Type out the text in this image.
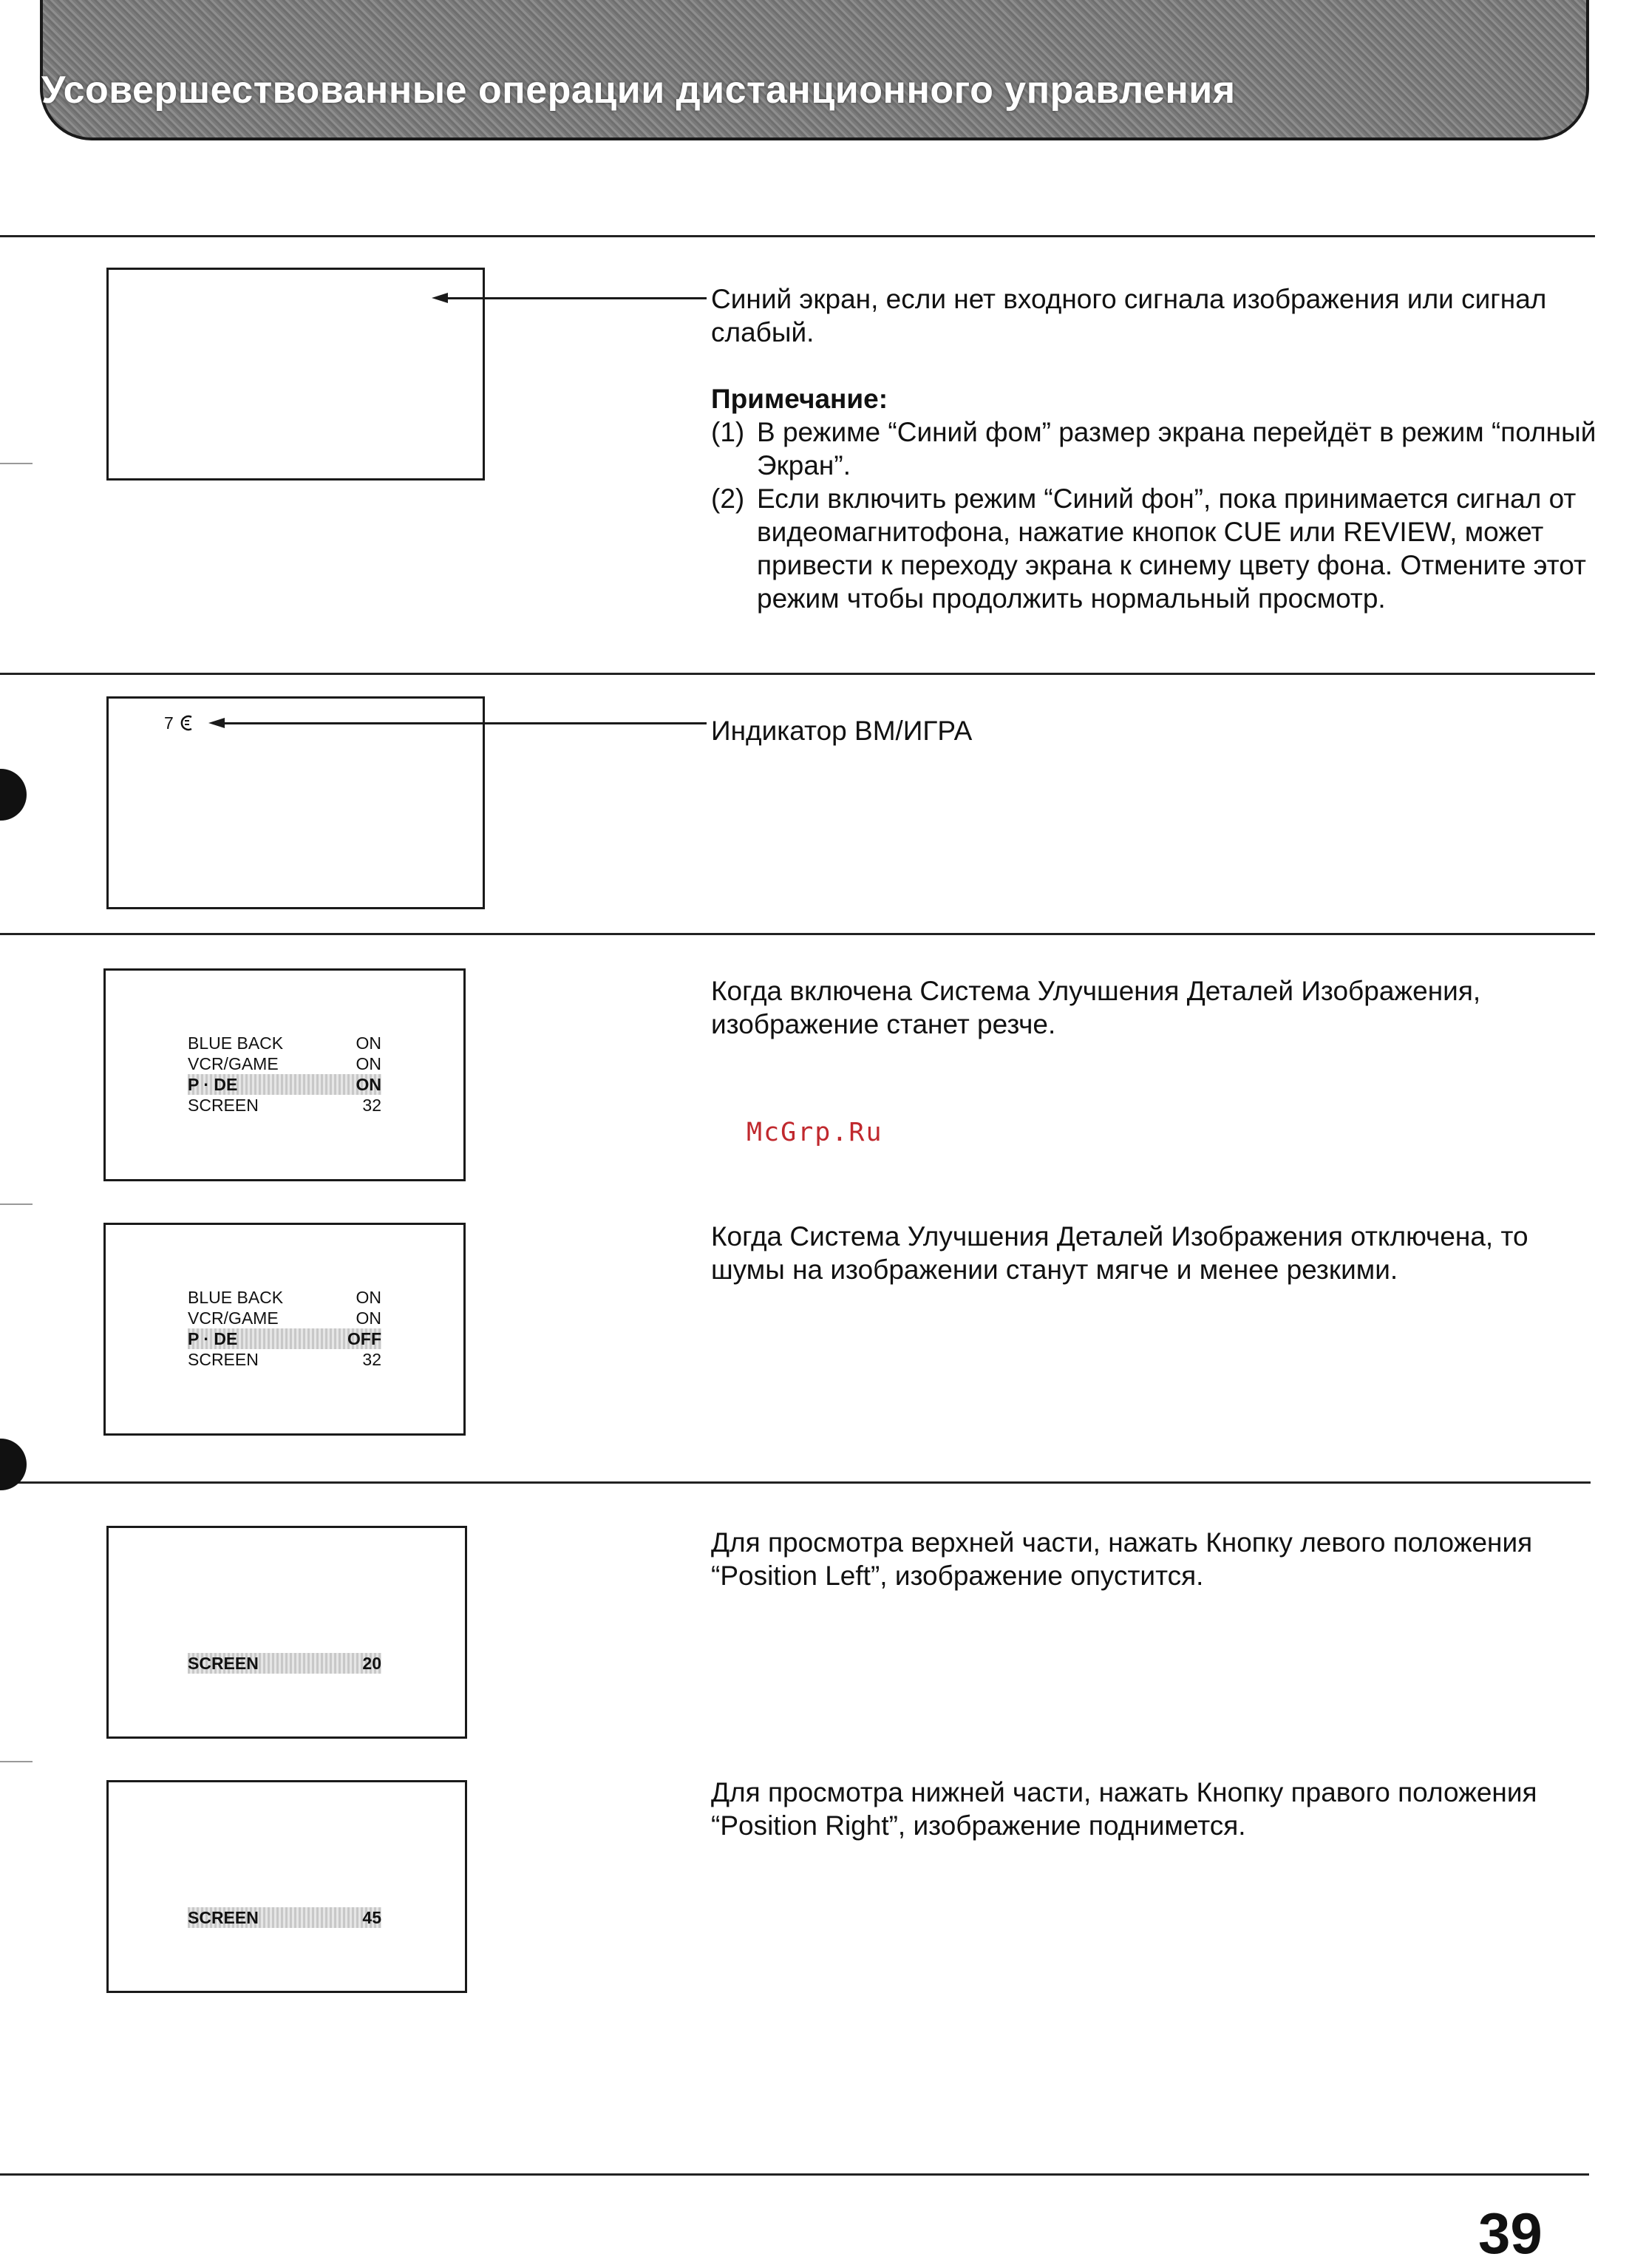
Усовершествованные операции дистанционного управления

Синий экран, если нет входного сигнала изображения или сигнал слабый.

Примечание:

(1) В режиме “Синий фом” размер экрана перейдёт в режим “полный Экран”.
(2) Если включить режим “Синий фон”, пока принимается сигнал от видеомагнитофона, нажатие кнопок CUE или REVIEW, может привести к переходу экрана к синему цвету фона. Отмените этот режим чтобы продолжить нормальный просмотр.
7	Индикатор ВМ/ИГРА

BLUE BACK	ON
VCR/GAME	ON
P · DE	ON
SCREEN	32

Когда включена Система Улучшения Деталей Изображения, изображение станет резче.

McGrp.Ru
BLUE BACK	ON
VCR/GAME	ON
P · DE	OFF
SCREEN	32

Когда Система Улучшения Деталей Изображения отключена, то шумы на изображении станут мягче и менее резкими.

SCREEN	20

Для просмотра верхней части, нажать Кнопку левого положения “Position Left”, изображение опустится.

SCREEN	45

Для просмотра нижней части, нажать Кнопку правого положения “Position Right”, изображение поднимется.

39
